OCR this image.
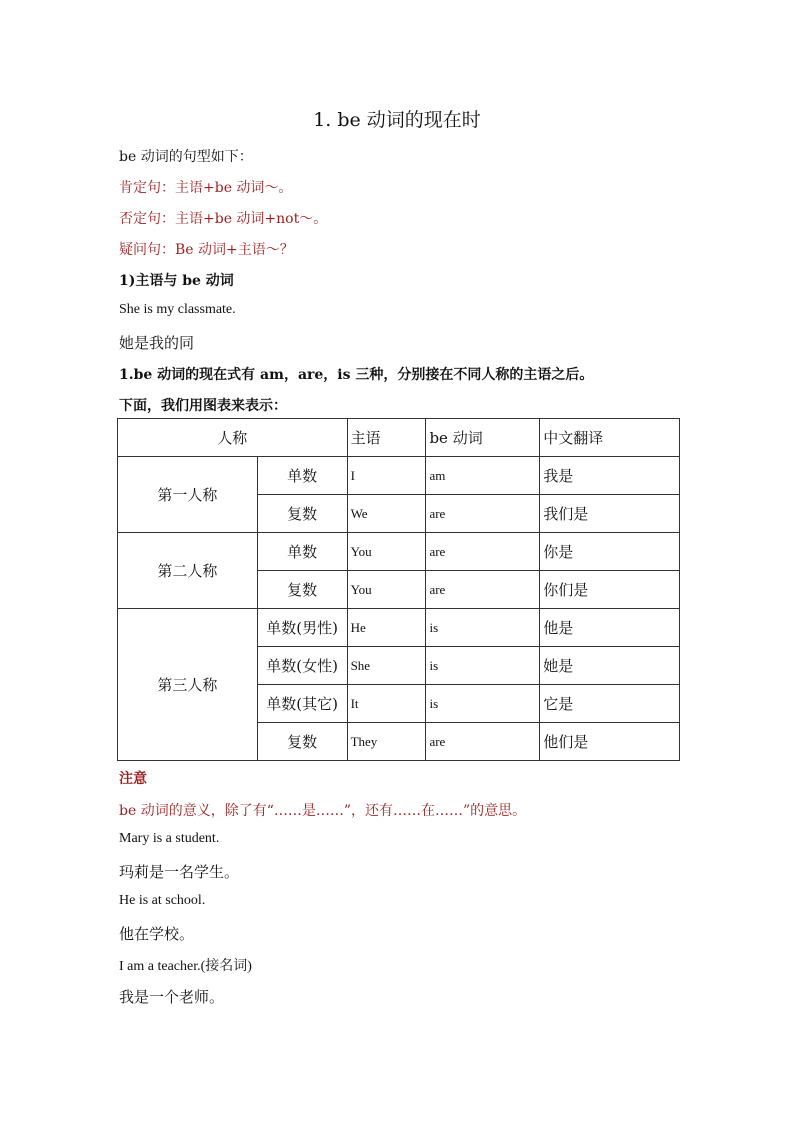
1. be 动词的现在时
be 动词的句型如下：
肯定句：主语+be 动词～。
否定句：主语+be 动词+not～。
疑问句：Be 动词+主语～？
1)主语与 be 动词
She is my classmate.
她是我的同
1.be 动词的现在式有 am，are，is 三种，分别接在不同人称的主语之后。
下面，我们用图表来表示：
人称		主语	be 动词	中文翻译
第一人称	单数	I	am	我是
	复数	We	are	我们是
第二人称	单数	You	are	你是
	复数	You	are	你们是
第三人称	单数(男性)	He	is	他是
	单数(女性)	She	is	她是
	单数(其它)	It	is	它是
	复数	They	are	他们是
注意
be 动词的意义，除了有“……是……”，还有……在……”的意思。
Mary is a student.
玛莉是一名学生。
He is at school.
他在学校。
I am a teacher.(接名词)
我是一个老师。
